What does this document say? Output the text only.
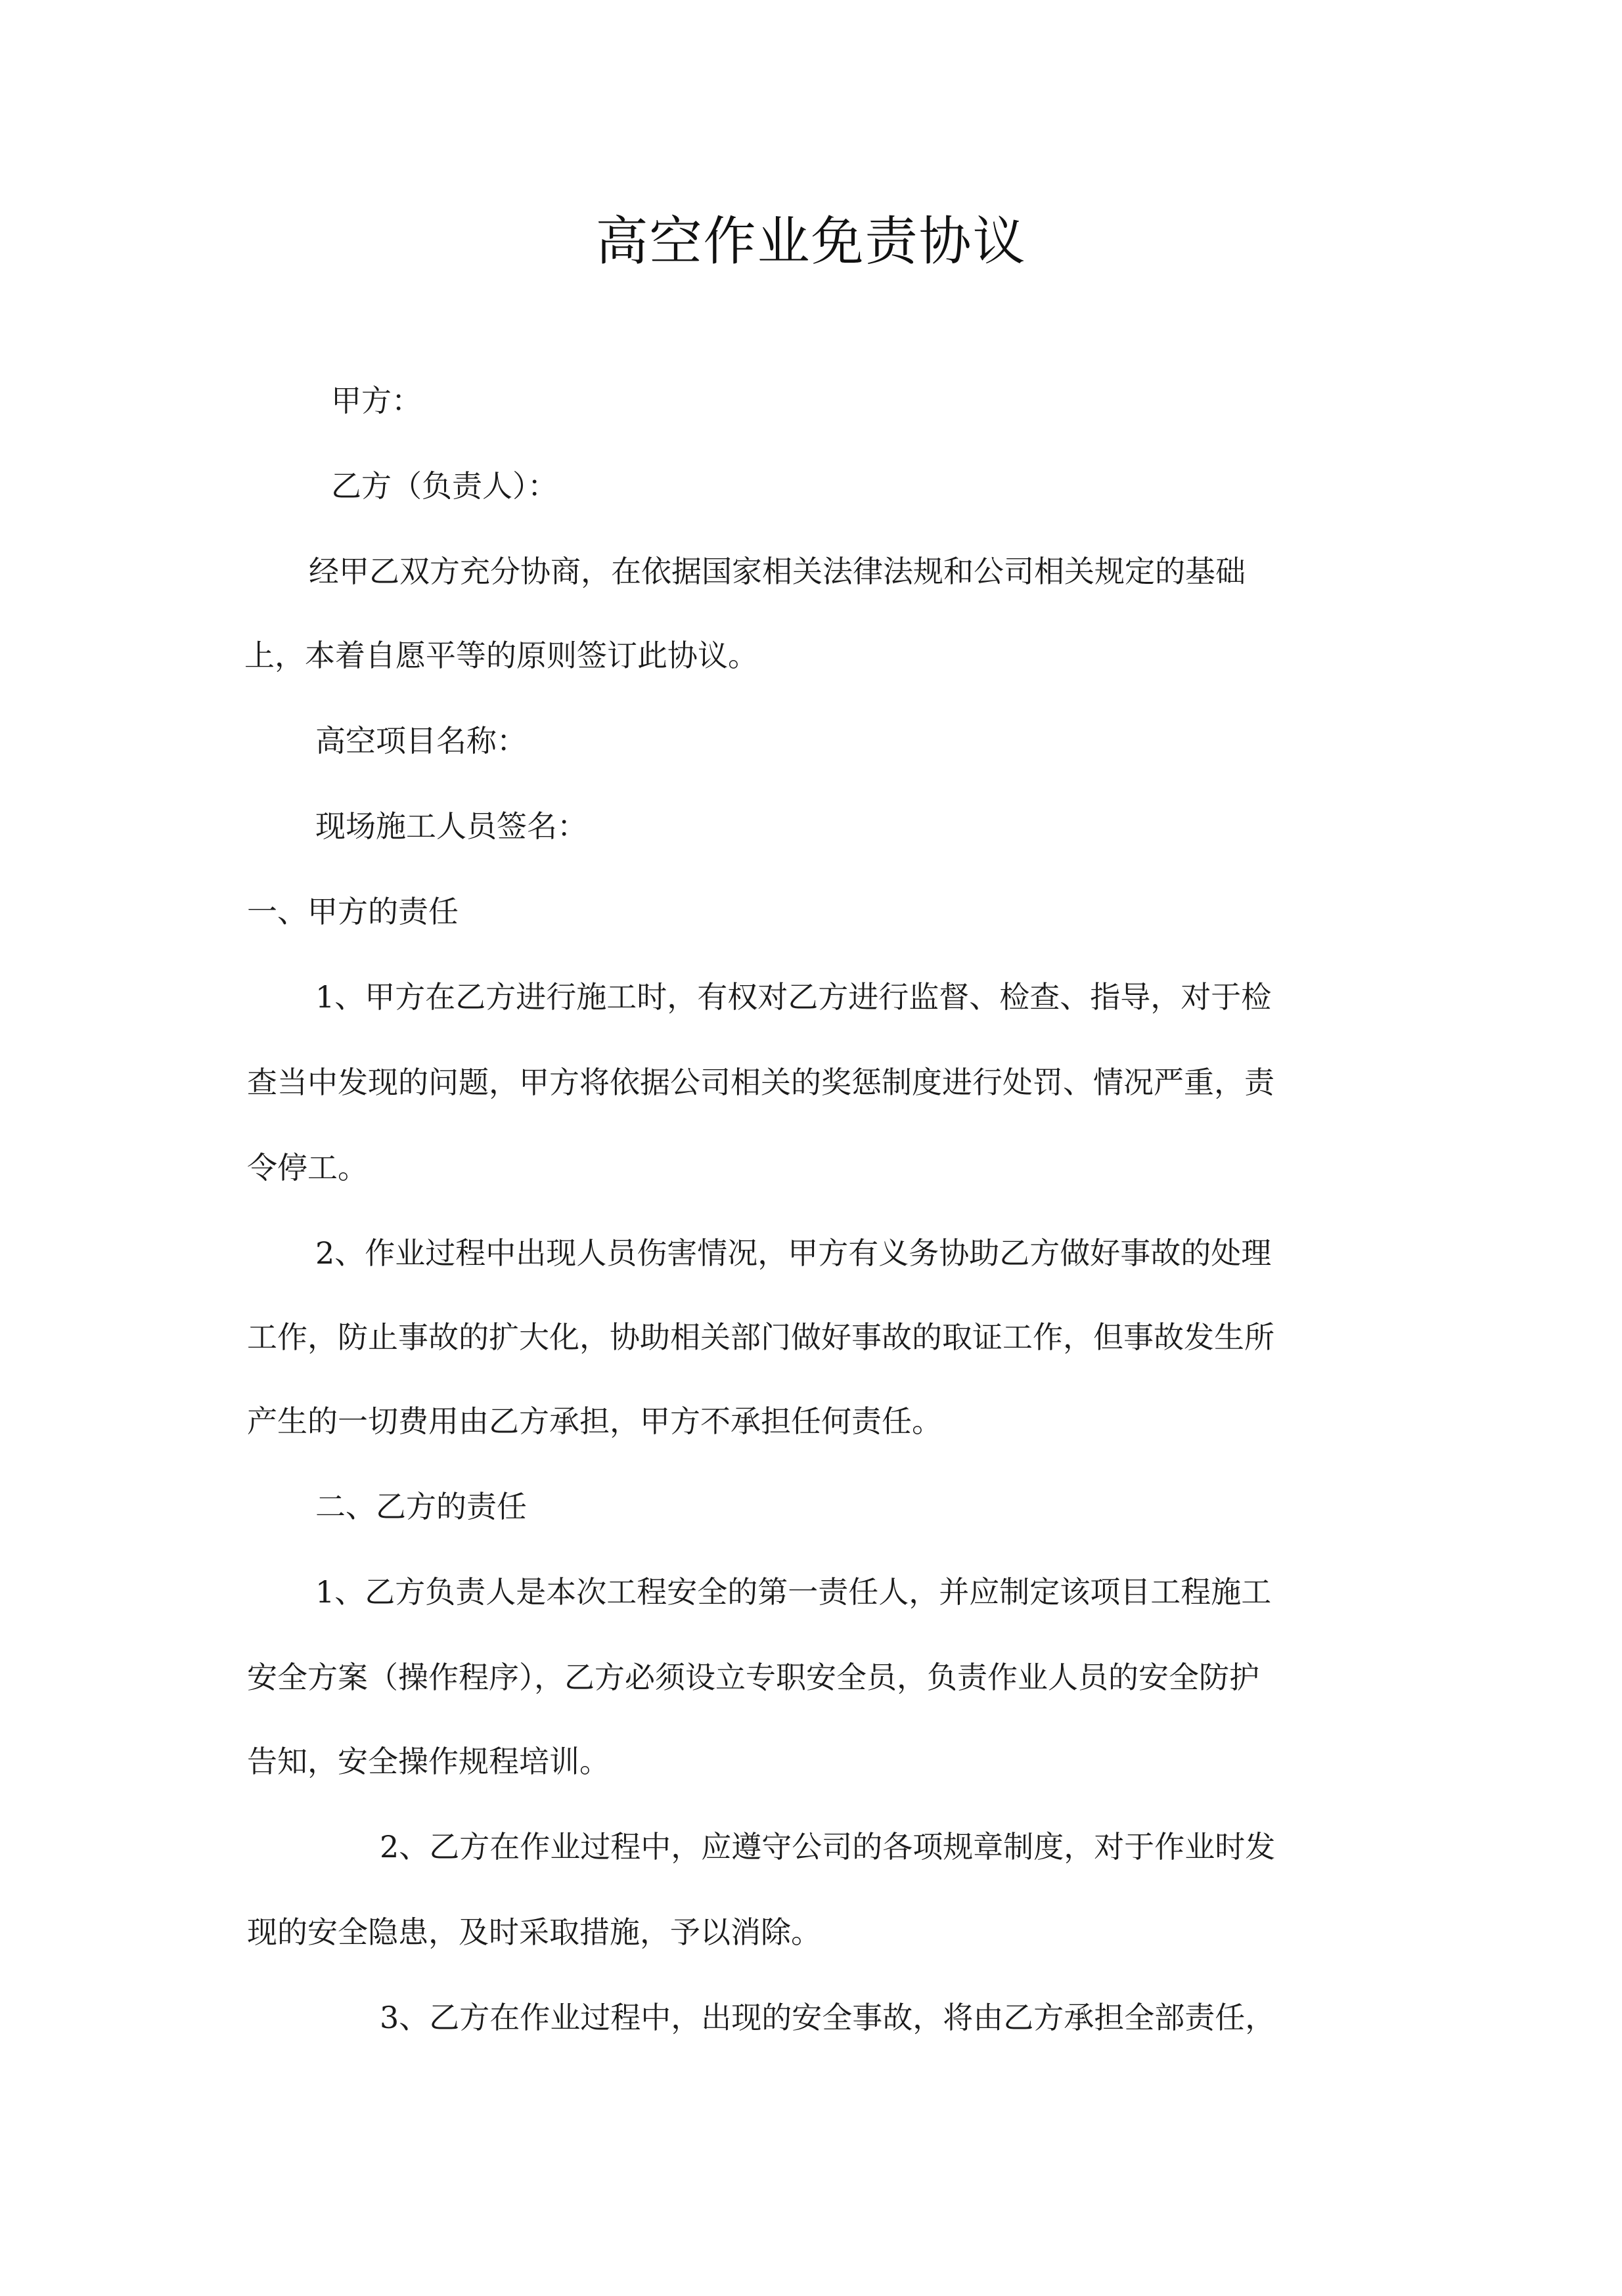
高空作业免责协议
甲方：
乙方（负责人）：
经甲乙双方充分协商，在依据国家相关法律法规和公司相关规定的基础
上，本着自愿平等的原则签订此协议。
高空项目名称：
现场施工人员签名：
一、甲方的责任
1、甲方在乙方进行施工时，有权对乙方进行监督、检查、指导，对于检
查当中发现的问题，甲方将依据公司相关的奖惩制度进行处罚、情况严重，责
令停工。
2、作业过程中出现人员伤害情况，甲方有义务协助乙方做好事故的处理
工作，防止事故的扩大化，协助相关部门做好事故的取证工作，但事故发生所
产生的一切费用由乙方承担，甲方不承担任何责任。
二、乙方的责任
1、乙方负责人是本次工程安全的第一责任人，并应制定该项目工程施工
安全方案（操作程序），乙方必须设立专职安全员，负责作业人员的安全防护
告知，安全操作规程培训。
2、乙方在作业过程中，应遵守公司的各项规章制度，对于作业时发
现的安全隐患，及时采取措施，予以消除。
3、乙方在作业过程中，出现的安全事故，将由乙方承担全部责任，
